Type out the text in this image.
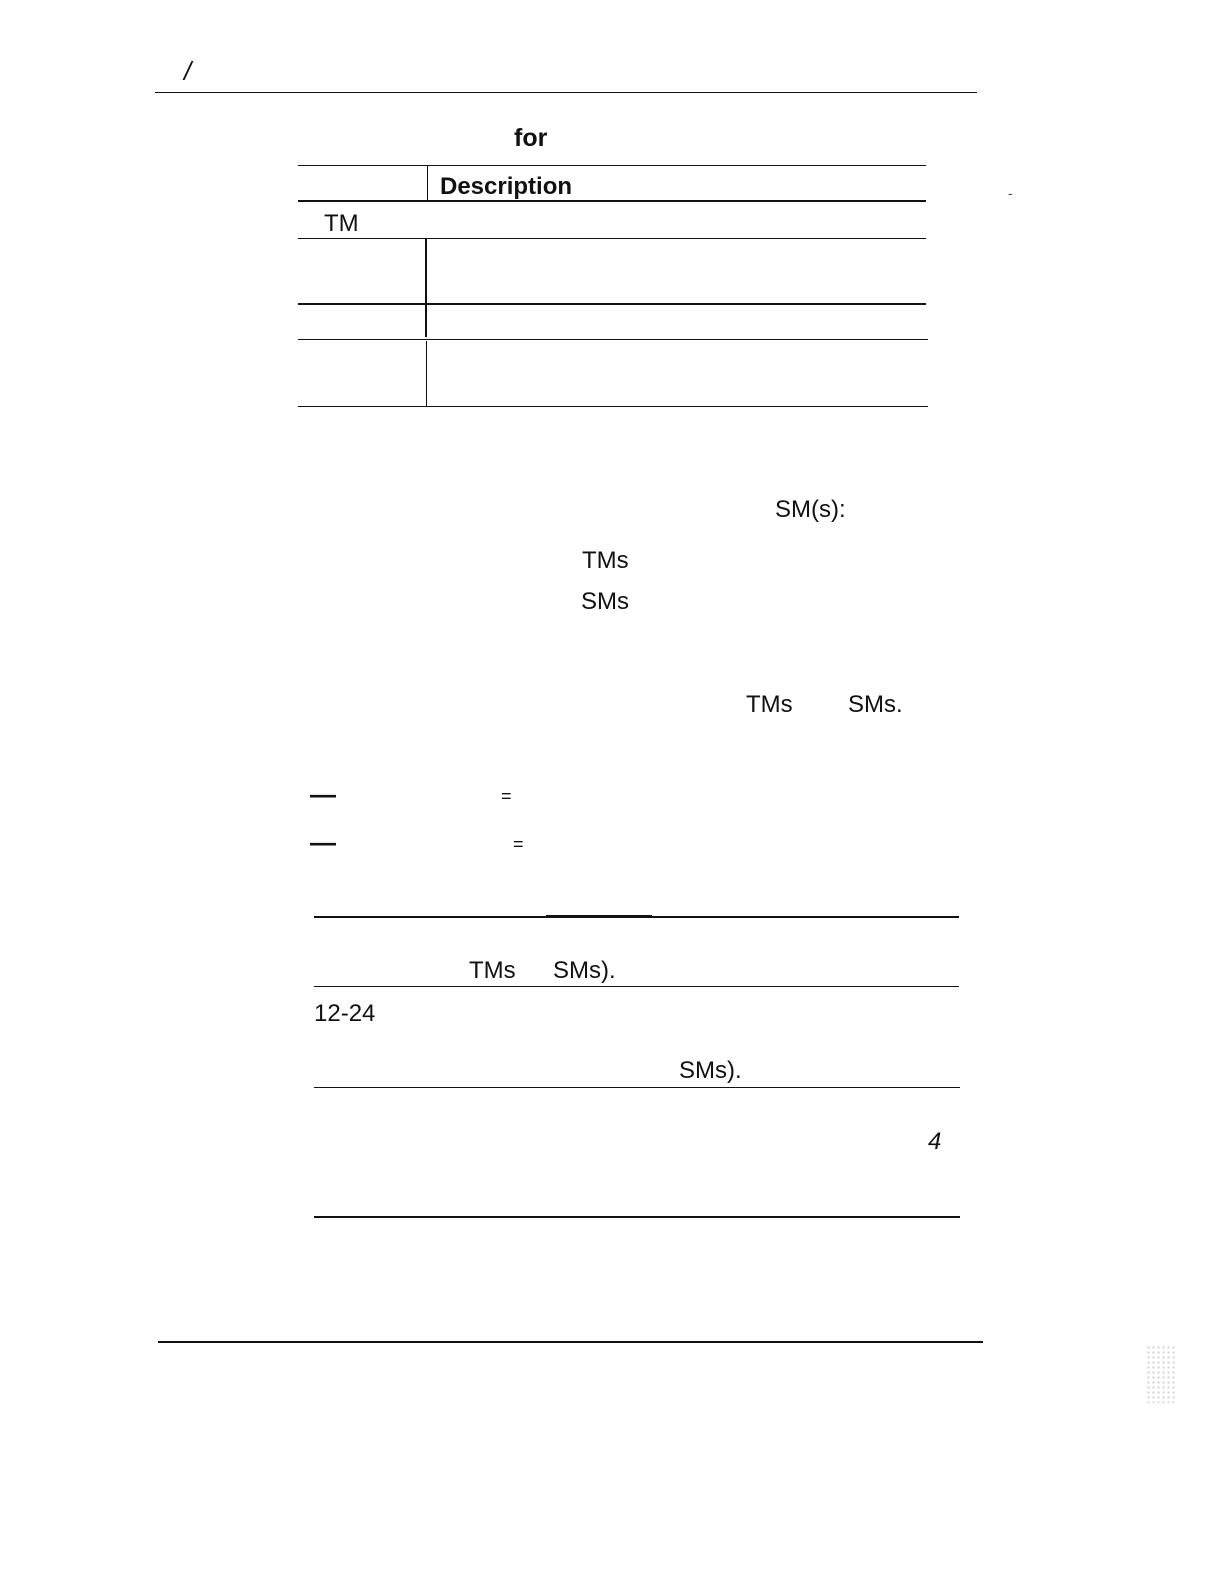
/
for
Description
TM
-
SM(s):
TMs
SMs
TMs SMs.
—	=
—	=
TMs SMs).
12-24
SMs).
4
